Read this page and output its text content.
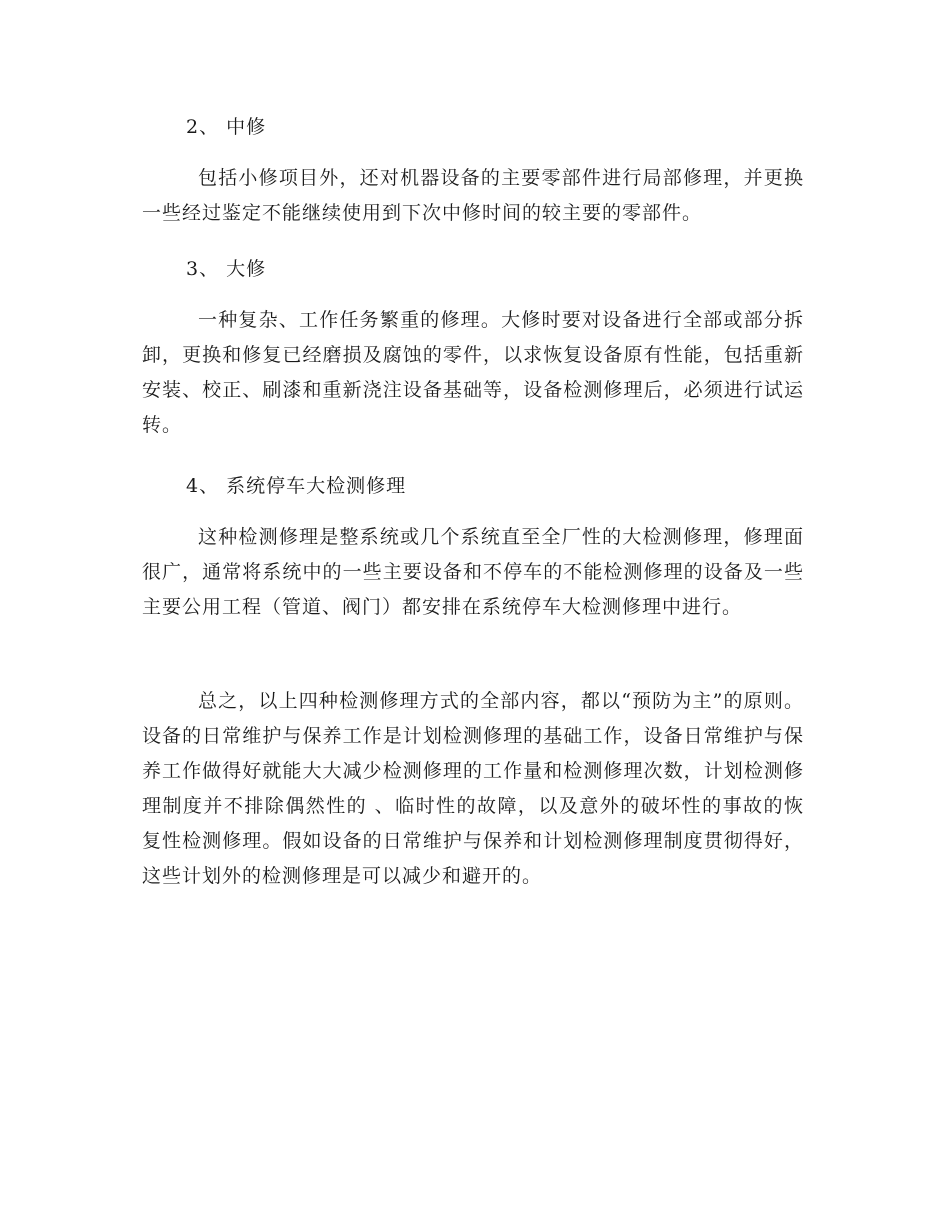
2、 中修

包括小修项目外，还对机器设备的主要零部件进行局部修理，并更换一些经过鉴定不能继续使用到下次中修时间的较主要的零部件。

3、 大修

一种复杂、工作任务繁重的修理。大修时要对设备进行全部或部分拆卸，更换和修复已经磨损及腐蚀的零件，以求恢复设备原有性能，包括重新安装、校正、刷漆和重新浇注设备基础等，设备检测修理后，必须进行试运转。

4、 系统停车大检测修理

这种检测修理是整系统或几个系统直至全厂性的大检测修理，修理面很广，通常将系统中的一些主要设备和不停车的不能检测修理的设备及一些主要公用工程（管道、阀门）都安排在系统停车大检测修理中进行。

总之，以上四种检测修理方式的全部内容，都以“预防为主”的原则。设备的日常维护与保养工作是计划检测修理的基础工作，设备日常维护与保养工作做得好就能大大减少检测修理的工作量和检测修理次数，计划检测修理制度并不排除偶然性的 、临时性的故障，以及意外的破坏性的事故的恢复性检测修理。假如设备的日常维护与保养和计划检测修理制度贯彻得好，这些计划外的检测修理是可以减少和避开的。
